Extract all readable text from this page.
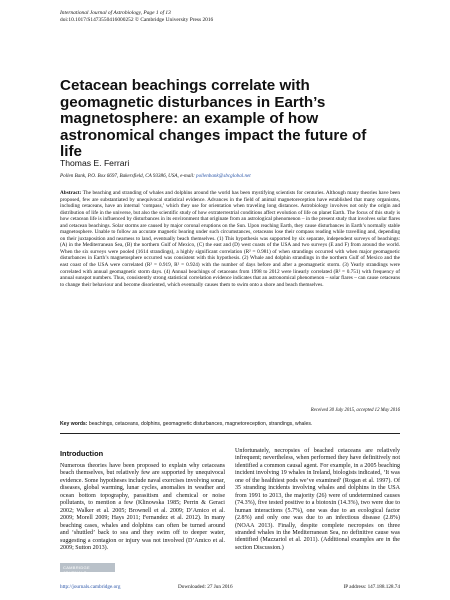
International Journal of Astrobiology, Page 1 of 13
doi:10.1017/S1473550416000252 © Cambridge University Press 2016
Cetacean beachings correlate with geomagnetic disturbances in Earth’s magnetosphere: an example of how astronomical changes impact the future of life
Thomas E. Ferrari
Pollen Bank, P.O. Box 6697, Bakersfield, CA 93386, USA, e-mail: pollenbank@sbcglobal.net
Abstract: The beaching and stranding of whales and dolphins around the world has been mystifying scientists for centuries. Although many theories have been proposed, few are substantiated by unequivocal statistical evidence. Advances in the field of animal magnetoreception have established that many organisms, including cetaceans, have an internal ‘compass,’ which they use for orientation when traveling long distances. Astrobiology involves not only the origin and distribution of life in the universe, but also the scientific study of how extraterrestrial conditions affect evolution of life on planet Earth. The focus of this study is how cetacean life is influenced by disturbances in its environment that originate from an astrological phenomenon – in the present study that involves solar flares and cetacean beachings. Solar storms are caused by major coronal eruptions on the Sun. Upon reaching Earth, they cause disturbances in Earth’s normally stable magnetosphere. Unable to follow an accurate magnetic bearing under such circumstances, cetaceans lose their compass reading while travelling and, depending on their juxtaposition and nearness to land, eventually beach themselves. (1) This hypothesis was supported by six separate, independent surveys of beachings: (A) in the Mediterranean Sea, (B) the northern Gulf of Mexico, (C) the east and (D) west coasts of the USA and two surveys (E and F) from around the world. When the six surveys were pooled (1614 strandings), a highly significant correlation (R² = 0.981) of when strandings occurred with when major geomagnetic disturbances in Earth’s magnetosphere occurred was consistent with this hypothesis. (2) Whale and dolphin strandings in the northern Gulf of Mexico and the east coast of the USA were correlated (R² = 0.919, R² = 0.924) with the number of days before and after a geomagnetic storm. (3) Yearly strandings were correlated with annual geomagnetic storm days. (4) Annual beachings of cetaceans from 1998 to 2012 were linearly correlated (R² = 0.751) with frequency of annual sunspot numbers. Thus, consistently strong statistical correlation evidence indicates that an astronomical phenomenon – solar flares – can cause cetaceans to change their behaviour and become disoriented, which eventually causes them to swim onto a shore and beach themselves.
Received 30 July 2015, accepted 12 May 2016
Key words: beachings, cetaceans, dolphins, geomagnetic disturbances, magnetoreception, strandings, whales.
Introduction

Numerous theories have been proposed to explain why cetaceans beach themselves, but relatively few are supported by unequivocal evidence. Some hypotheses include naval exercises involving sonar, diseases, global warming, lunar cycles, anomalies in weather and ocean bottom topography, parasitism and chemical or noise pollutants, to mention a few (Klinowska 1985; Perrin & Geraci 2002; Walker et al. 2005; Brownell et al. 2009; D’Amico et al. 2009; Morell 2009; Hays 2011; Fernandez et al. 2012). In many beaching cases, whales and dolphins can often be turned around and ‘shuttled’ back to sea and they swim off to deeper water, suggesting a contagion or injury was not involved (D’Amico et al. 2009; Sutton 2013).

Unfortunately, necropsies of beached cetaceans are relatively infrequent; nevertheless, when performed they have definitively not identified a common causal agent. For example, in a 2005 beaching incident involving 19 whales in Ireland, biologists indicated, ‘It was one of the healthiest pods we’ve examined’ (Rogan et al. 1997). Of 35 stranding incidents involving whales and dolphins in the USA from 1991 to 2013, the majority (26) were of undetermined causes (74.3%), five tested positive to a biotoxin (14.3%), two were due to human interactions (5.7%), one was due to an ecological factor (2.8%) and only one was due to an infectious disease (2.8%) (NOAA 2013). Finally, despite complete necropsies on three stranded whales in the Mediterranean Sea, no definitive cause was identified (Mazzariol et al. 2011). (Additional examples are in the section Discussion.)

CAMBRIDGE JOURNALS
http://journals.cambridge.org	Downloaded: 27 Jun 2016	IP address: 147.188.128.74
